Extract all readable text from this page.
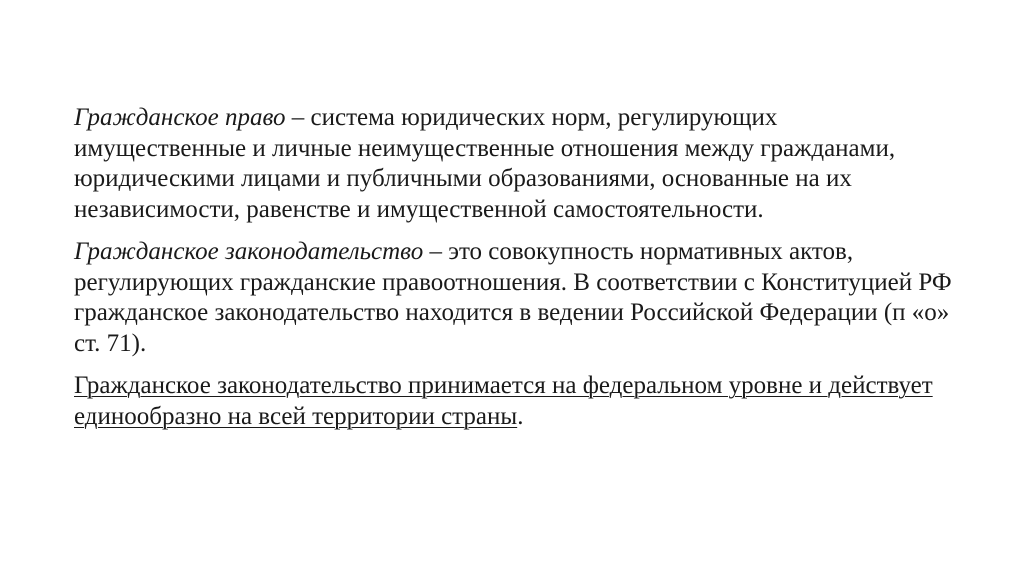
Гражданское право – система юридических норм, регулирующих имущественные и личные неимущественные отношения между гражданами, юридическими лицами и публичными образованиями, основанные на их независимости, равенстве и имущественной самостоятельности.

Гражданское законодательство – это совокупность нормативных актов, регулирующих гражданские правоотношения. В соответствии с Конституцией РФ гражданское законодательство находится в ведении Российской Федерации (п «о» ст. 71).

Гражданское законодательство принимается на федеральном уровне и действует единообразно на всей территории страны.
